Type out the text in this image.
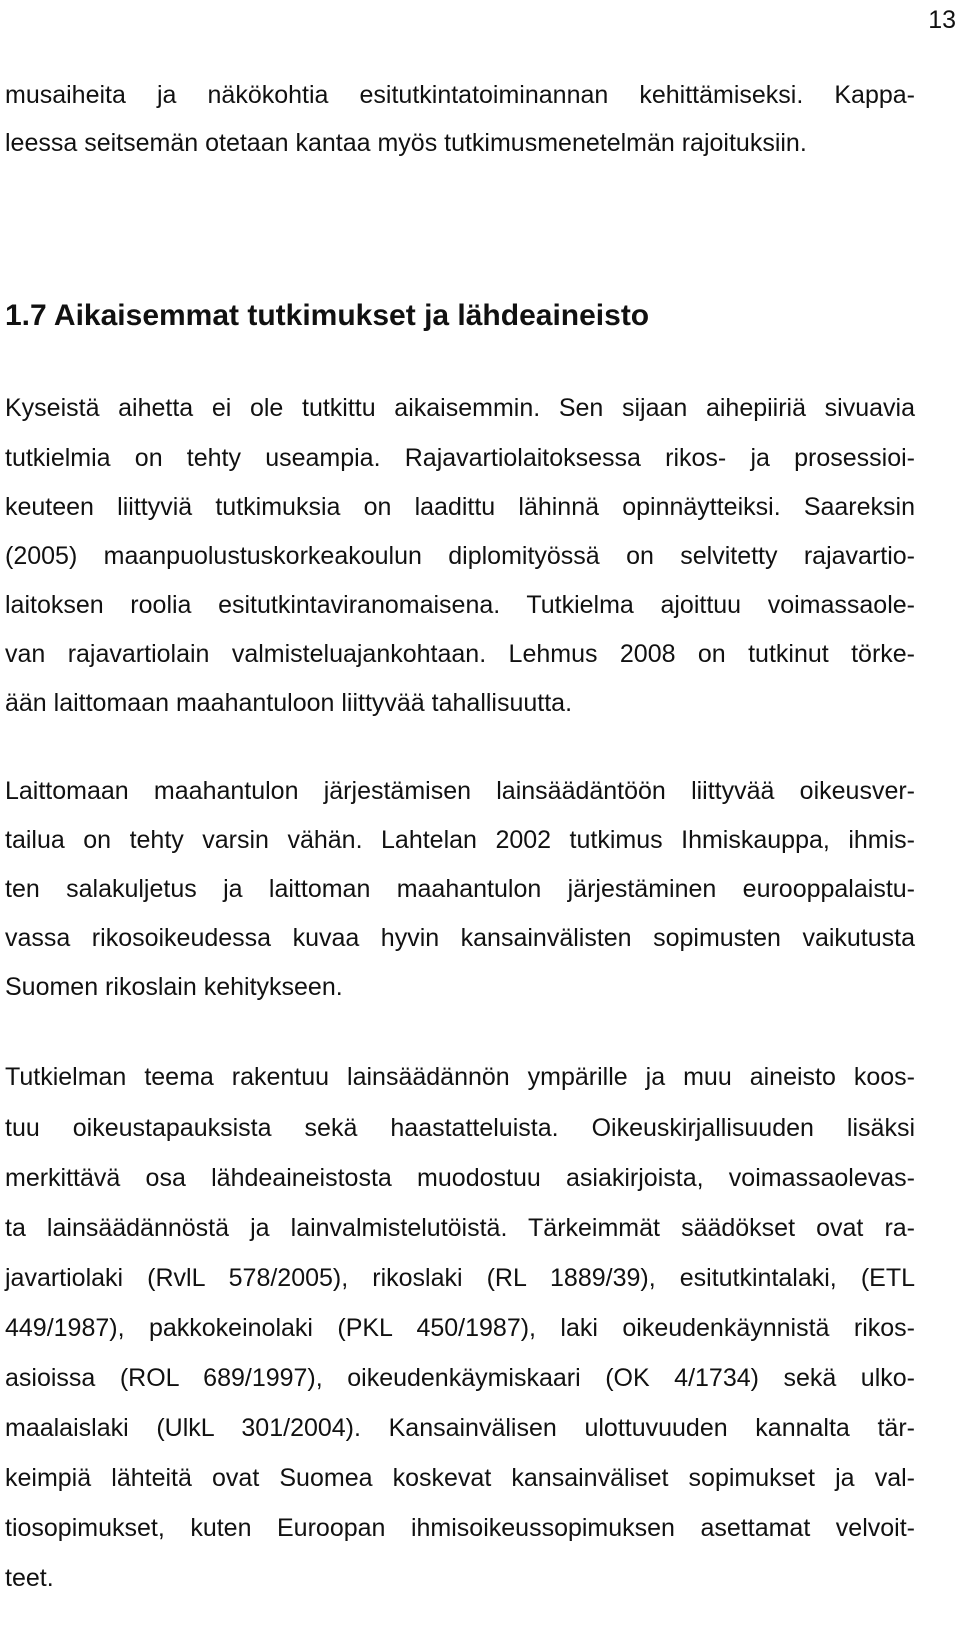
13
musaiheita ja näkökohtia esitutkintatoiminannan kehittämiseksi. Kappa-
leessa seitsemän otetaan kantaa myös tutkimusmenetelmän rajoituksiin.
1.7 Aikaisemmat tutkimukset ja lähdeaineisto
Kyseistä aihetta ei ole tutkittu aikaisemmin. Sen sijaan aihepiiriä sivuavia
tutkielmia on tehty useampia. Rajavartiolaitoksessa rikos- ja prosessioi-
keuteen liittyviä tutkimuksia on laadittu lähinnä opinnäytteiksi. Saareksin
(2005) maanpuolustuskorkeakoulun diplomityössä on selvitetty rajavartio-
laitoksen roolia esitutkintaviranomaisena. Tutkielma ajoittuu voimassaole-
van rajavartiolain valmisteluajankohtaan. Lehmus 2008 on tutkinut törke-
ään laittomaan maahantuloon liittyvää tahallisuutta.
Laittomaan maahantulon järjestämisen lainsäädäntöön liittyvää oikeusver-
tailua on tehty varsin vähän. Lahtelan 2002 tutkimus Ihmiskauppa, ihmis-
ten salakuljetus ja laittoman maahantulon järjestäminen eurooppalaistu-
vassa rikosoikeudessa kuvaa hyvin kansainvälisten sopimusten vaikutusta
Suomen rikoslain kehitykseen.
Tutkielman teema rakentuu lainsäädännön ympärille ja muu aineisto koos-
tuu oikeustapauksista sekä haastatteluista. Oikeuskirjallisuuden lisäksi
merkittävä osa lähdeaineistosta muodostuu asiakirjoista, voimassaolevas-
ta lainsäädännöstä ja lainvalmistelutöistä. Tärkeimmät säädökset ovat ra-
javartiolaki (RvlL 578/2005), rikoslaki (RL 1889/39), esitutkintalaki, (ETL
449/1987), pakkokeinolaki (PKL 450/1987), laki oikeudenkäynnistä rikos-
asioissa (ROL 689/1997), oikeudenkäymiskaari (OK 4/1734) sekä ulko-
maalaislaki (UlkL 301/2004). Kansainvälisen ulottuvuuden kannalta tär-
keimpiä lähteitä ovat Suomea koskevat kansainväliset sopimukset ja val-
tiosopimukset, kuten Euroopan ihmisoikeussopimuksen asettamat velvoit-
teet.
